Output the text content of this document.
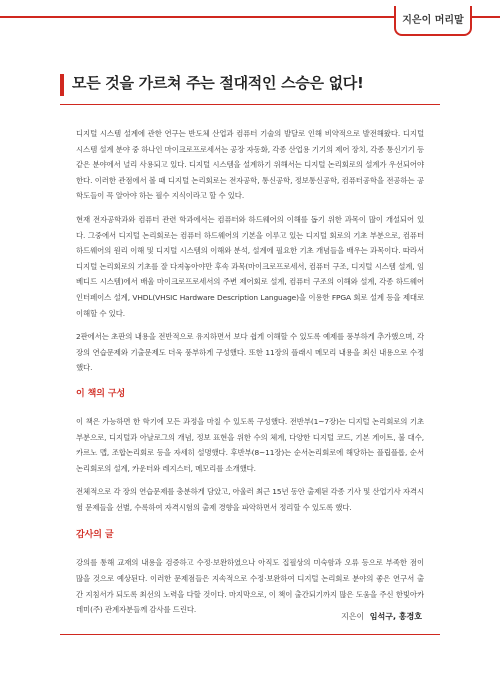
지은이 머리말
모든 것을 가르쳐 주는 절대적인 스승은 없다!

디지털 시스템 설계에 관한 연구는 반도체 산업과 컴퓨터 기술의 발달로 인해 비약적으로 발전해왔다. 디지털 시스템 설계 분야 중 하나인 마이크로프로세서는 공장 자동화, 각종 산업용 기기의 제어 장치, 각종 통신기기 등 같은 분야에서 널리 사용되고 있다. 디지털 시스템을 설계하기 위해서는 디지털 논리회로의 설계가 우선되어야 한다. 이러한 관점에서 볼 때 디지털 논리회로는 전자공학, 통신공학, 정보통신공학, 컴퓨터공학을 전공하는 공학도들이 꼭 알아야 하는 필수 지식이라고 할 수 있다.

현재 전자공학과와 컴퓨터 관련 학과에서는 컴퓨터와 하드웨어의 이해를 돕기 위한 과목이 많이 개설되어 있다. 그중에서 디지털 논리회로는 컴퓨터 하드웨어의 기본을 이루고 있는 디지털 회로의 기초 부분으로, 컴퓨터 하드웨어의 원리 이해 및 디지털 시스템의 이해와 분석, 설계에 필요한 기초 개념들을 배우는 과목이다. 따라서 디지털 논리회로의 기초를 잘 다져놓아야만 후속 과목(마이크로프로세서, 컴퓨터 구조, 디지털 시스템 설계, 임베디드 시스템)에서 배울 마이크로프로세서의 주변 제어회로 설계, 컴퓨터 구조의 이해와 설계, 각종 하드웨어 인터페이스 설계, VHDL(VHSIC Hardware Description Language)을 이용한 FPGA 회로 설계 등을 제대로 이해할 수 있다.

2판에서는 초판의 내용을 전반적으로 유지하면서 보다 쉽게 이해할 수 있도록 예제를 풍부하게 추가했으며, 각 장의 연습문제와 기출문제도 더욱 풍부하게 구성했다. 또한 11장의 플래시 메모리 내용을 최신 내용으로 수정했다.

이 책의 구성

이 책은 가능하면 한 학기에 모든 과정을 마칠 수 있도록 구성했다. 전반부(1~7장)는 디지털 논리회로의 기초 부분으로, 디지털과 아날로그의 개념, 정보 표현을 위한 수의 체계, 다양한 디지털 코드, 기본 게이트, 불 대수, 카르노 맵, 조합논리회로 등을 자세히 설명했다. 후반부(8~11장)는 순서논리회로에 해당하는 플립플롭, 순서논리회로의 설계, 카운터와 레지스터, 메모리를 소개했다.

전체적으로 각 장의 연습문제를 충분하게 담았고, 아울러 최근 15년 동안 출제된 각종 기사 및 산업기사 자격시험 문제들을 선별, 수록하여 자격시험의 출제 경향을 파악하면서 정리할 수 있도록 했다.

감사의 글

강의를 통해 교재의 내용을 검증하고 수정·보완하였으나 아직도 집필상의 미숙함과 오류 등으로 부족한 점이 많을 것으로 예상된다. 이러한 문제점들은 지속적으로 수정·보완하여 디지털 논리회로 분야의 좋은 연구서 출간 지침서가 되도록 최선의 노력을 다할 것이다. 마지막으로, 이 책이 출간되기까지 많은 도움을 주신 한빛아카데미(주) 관계자분들께 감사를 드린다.

지은이 임석구, 홍경호
